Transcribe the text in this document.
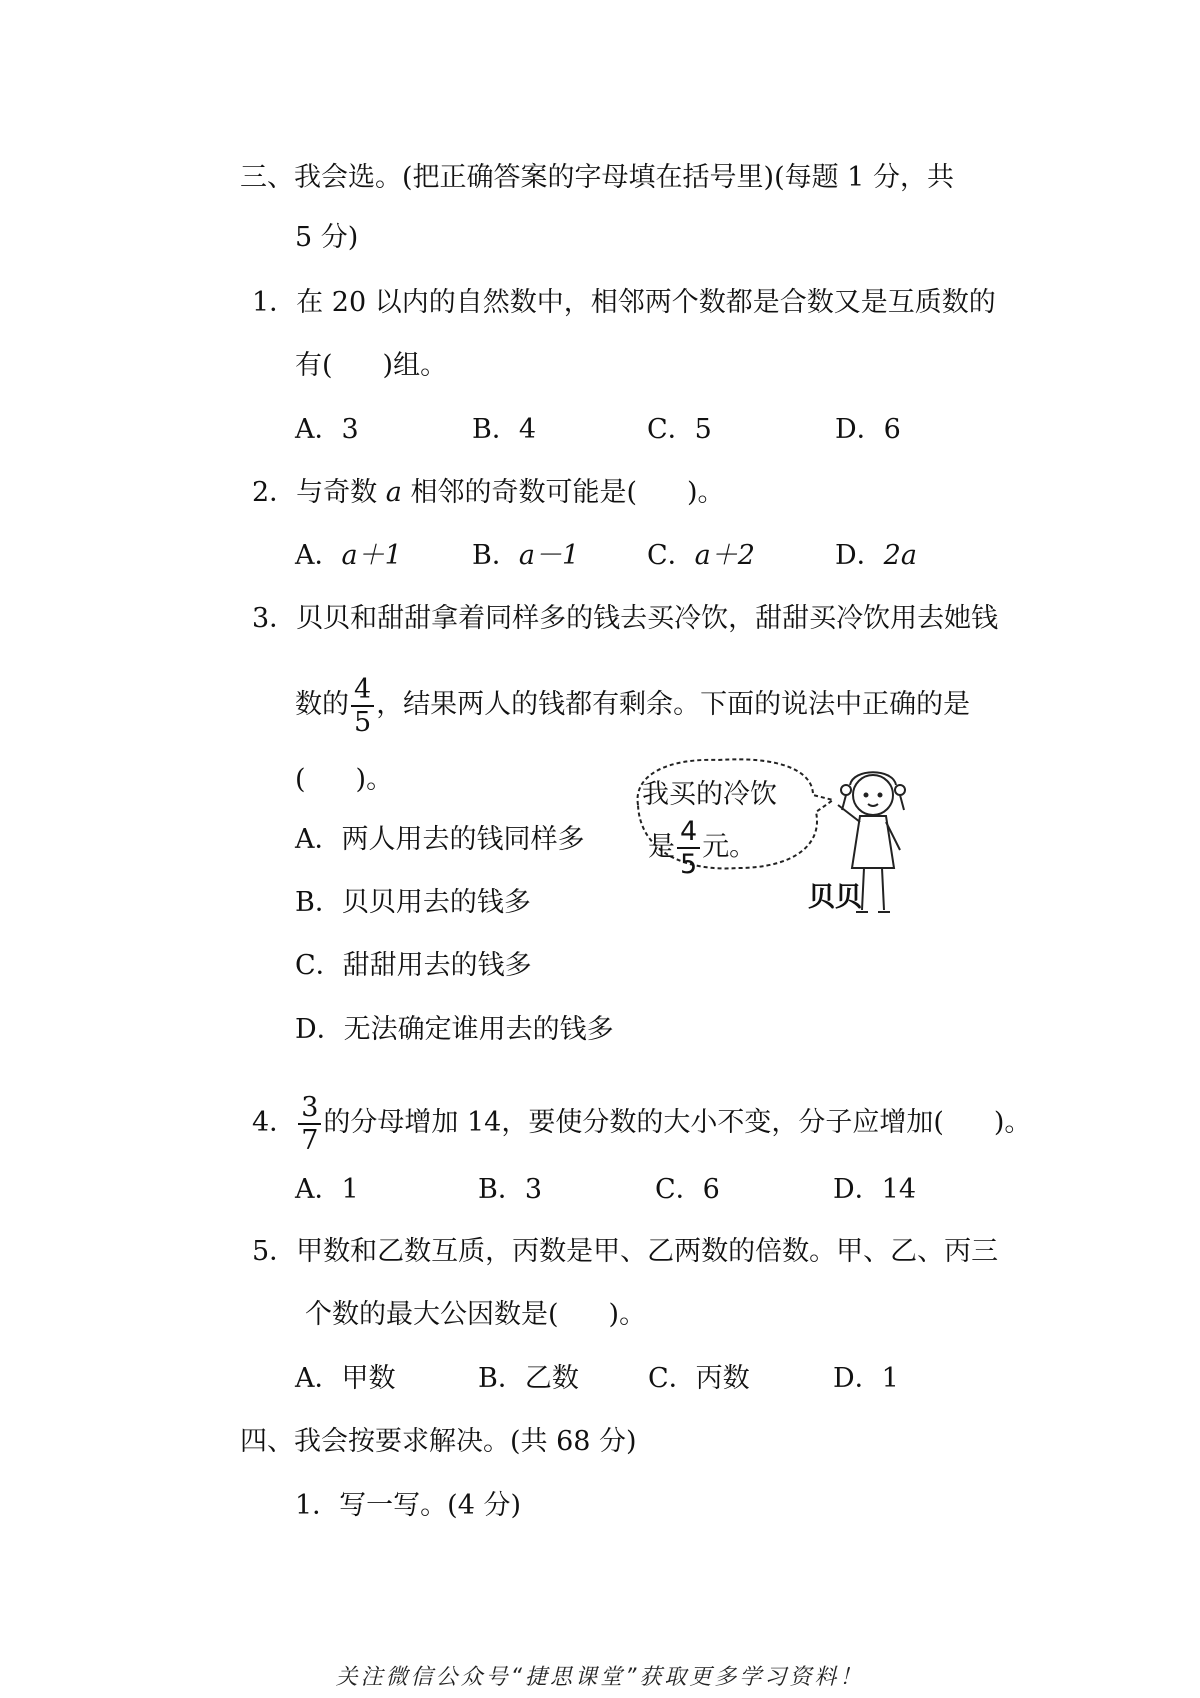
三、我会选。(把正确答案的字母填在括号里)(每题 1 分，共
5 分)
1．在 20 以内的自然数中，相邻两个数都是合数又是互质数的
有( )组。
A．3	B．4	C．5	D．6
2．与奇数 a 相邻的奇数可能是( )。
A．a＋1	B．a－1	C．a＋2	D．2a
3．贝贝和甜甜拿着同样多的钱去买冷饮，甜甜买冷饮用去她钱
数的 $\frac{4}{5}$ ，结果两人的钱都有剩余。下面的说法中正确的是
( )。
A．两人用去的钱同样多
B．贝贝用去的钱多
C．甜甜用去的钱多
D．无法确定谁用去的钱多
我买的冷饮
是 $\frac{4}{5}$ 元。
贝贝
4． $\frac{3}{7}$ 的分母增加 14，要使分数的大小不变，分子应增加( )。
A．1	B．3	C．6	D．14
5．甲数和乙数互质，丙数是甲、乙两数的倍数。甲、乙、丙三
个数的最大公因数是( )。
A．甲数	B．乙数	C．丙数	D．1
四、我会按要求解决。(共 68 分)
1．写一写。(4 分)
关注微信公众号“捷思课堂”获取更多学习资料！
